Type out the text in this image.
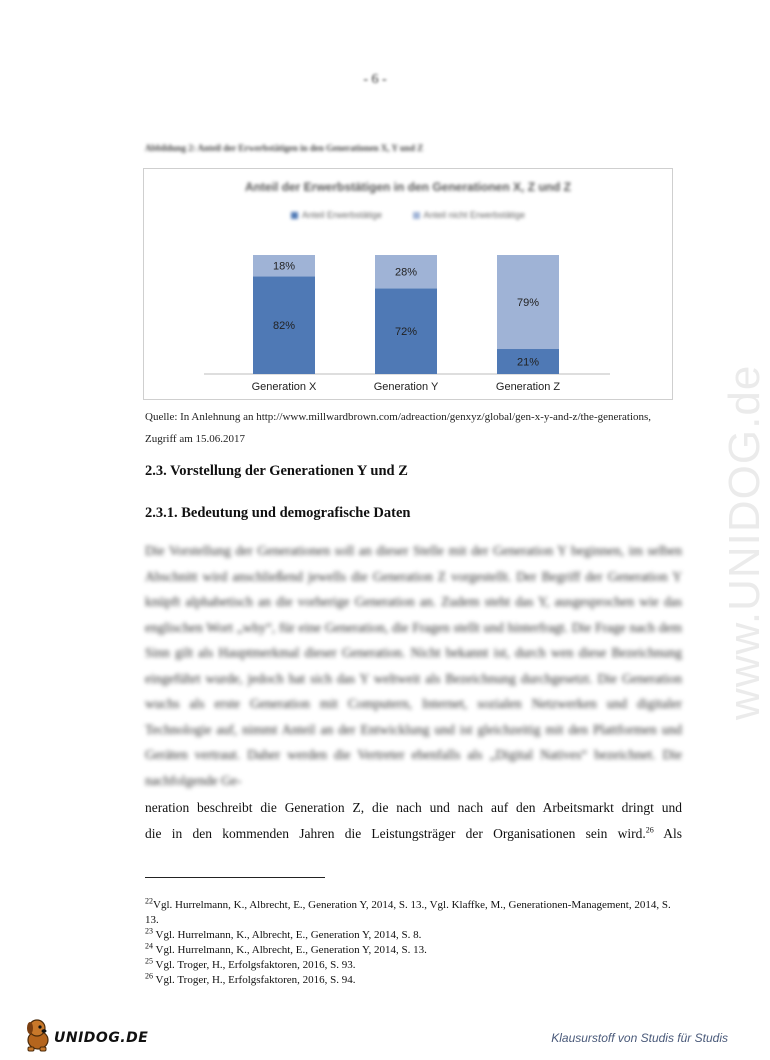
- 6 -
Abbildung 2: Anteil der Erwerbstätigen in den Generationen X, Y und Z
Anteil der Erwerbstätigen in den Generationen X, Z und Z
Anteil Erwerbstätige	Anteil nicht Erwerbstätige
82%
18%
Generation X
72%
28%
Generation Y
21%
79%
Generation Z
Quelle: In Anlehnung an http://www.millwardbrown.com/adreaction/genxyz/global/gen-x-y-and-z/the-generations,
Zugriff am 15.06.2017
2.3. Vorstellung der Generationen Y und Z
2.3.1. Bedeutung und demografische Daten
Die Vorstellung der Generationen soll an dieser Stelle mit der Generation Y beginnen, im selben Abschnitt wird anschließend jewells die Generation Z vorgestellt. Der Begriff der Generation Y knüpft alphabetisch an die vorherige Generation an. Zudem steht das Y, ausgesprochen wie das englischen Wort „why“, für eine Generation, die Fragen stellt und hinterfragt. Die Frage nach dem Sinn gilt als Hauptmerkmal dieser Generation. Nicht bekannt ist, durch wen diese Bezeichnung eingeführt wurde, jedoch hat sich das Y weltweit als Bezeichnung durchgesetzt. Die Generation wuchs als erste Generation mit Computern, Internet, sozialen Netzwerken und digitaler Technologie auf, nimmt Anteil an der Entwicklung und ist gleichzeitig mit den Plattformen und Geräten vertraut. Daher werden die Vertreter ebenfalls als „Digital Natives“ bezeichnet. Die nachfolgende Ge-
neration beschreibt die Generation Z, die nach und nach auf den Arbeitsmarkt dringt und
die in den kommenden Jahren die Leistungsträger der Organisationen sein wird.$^{26}$ Als
$^{22}$Vgl. Hurrelmann, K., Albrecht, E., Generation Y, 2014, S. 13., Vgl. Klaffke, M., Generationen-Management, 2014, S. 13.
$^{23}$ Vgl. Hurrelmann, K., Albrecht, E., Generation Y, 2014, S. 8.
$^{24}$ Vgl. Hurrelmann, K., Albrecht, E., Generation Y, 2014, S. 13.
$^{25}$ Vgl. Troger, H., Erfolgsfaktoren, 2016, S. 93.
$^{26}$ Vgl. Troger, H., Erfolgsfaktoren, 2016, S. 94.
www.UNIDOG.de
UNIDOG.DE	Klausurstoff von Studis für Studis
